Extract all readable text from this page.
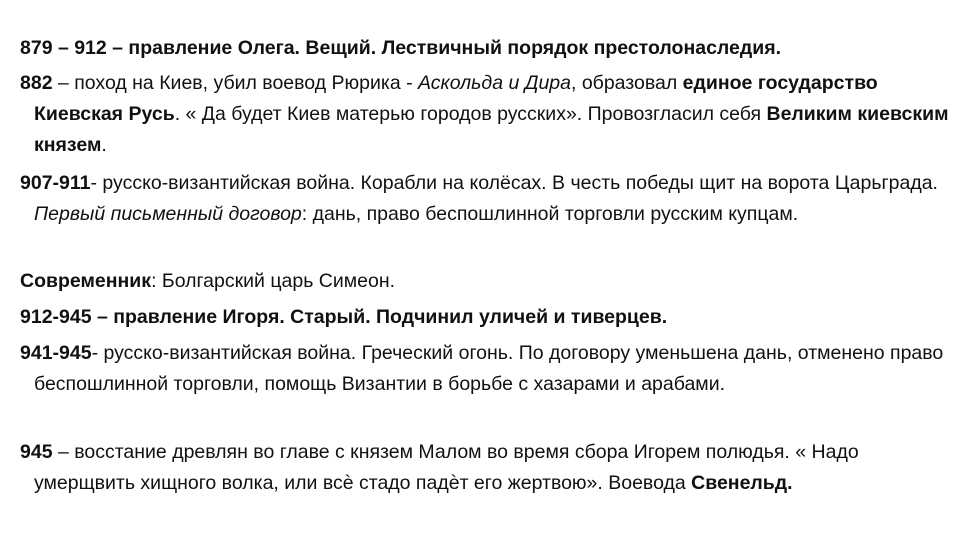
879 – 912 – правление Олега. Вещий. Лествичный порядок престолонаследия.
882 – поход на Киев, убил воевод Рюрика - Аскольда и Дира, образовал единое государство Киевская Русь. « Да будет Киев матерью городов русских». Провозгласил себя Великим киевским князем.
907-911- русско-византийская война. Корабли на колёсах. В честь победы щит на ворота Царьграда. Первый письменный договор: дань, право беспошлинной торговли русским купцам.
Современник: Болгарский царь Симеон.
912-945 – правление Игоря. Старый. Подчинил уличей и тиверцев.
941-945- русско-византийская война. Греческий огонь. По договору уменьшена дань, отменено право беспошлинной торговли, помощь Византии в борьбе с хазарами и арабами.
945 – восстание древлян во главе с князем Малом во время сбора Игорем полюдья. « Надо умерщвить хищного волка, или всѐ стадо падѐт его жертвою». Воевода Свенельд.
